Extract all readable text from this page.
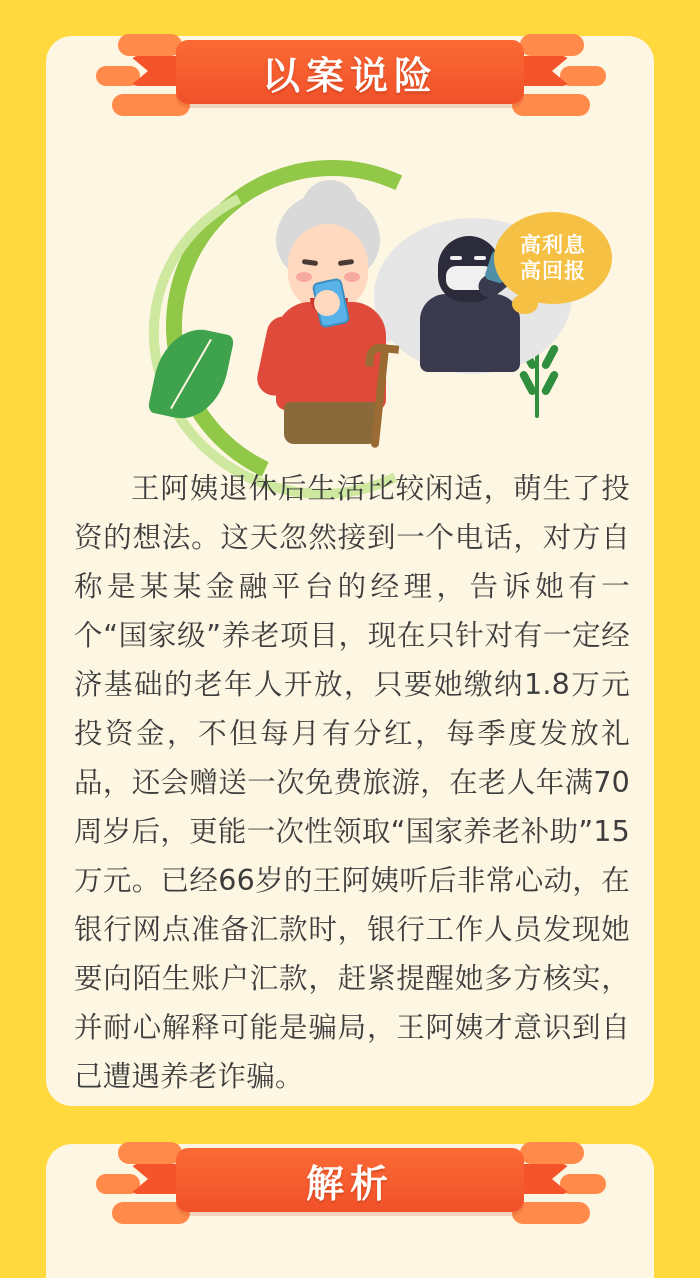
以案说险
高利息
高回报
王阿姨退休后生活比较闲适，萌生了投资的想法。这天忽然接到一个电话，对方自称是某某金融平台的经理，告诉她有一个“国家级”养老项目，现在只针对有一定经济基础的老年人开放，只要她缴纳1.8万元投资金，不但每月有分红，每季度发放礼品，还会赠送一次免费旅游，在老人年满70周岁后，更能一次性领取“国家养老补助”15万元。已经66岁的王阿姨听后非常心动，在银行网点准备汇款时，银行工作人员发现她要向陌生账户汇款，赶紧提醒她多方核实，并耐心解释可能是骗局，王阿姨才意识到自己遭遇养老诈骗。
解析
